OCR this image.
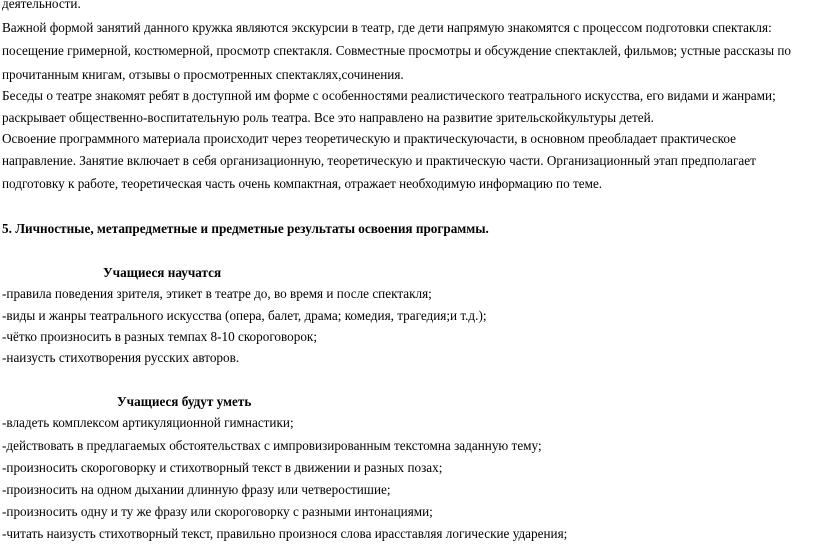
деятельности.

Важной формой занятий данного кружка являются экскурсии в театр, где дети напрямую знакомятся с процессом подготовки спектакля:

посещение гримерной, костюмерной, просмотр спектакля. Совместные просмотры и обсуждение спектаклей, фильмов; устные рассказы по

прочитанным книгам, отзывы о просмотренных спектаклях,сочинения.

Беседы о театре знакомят ребят в доступной им форме с особенностями реалистического театрального искусства, его видами и жанрами;

раскрывает общественно-воспитательную роль театра. Все это направлено на развитие зрительскойкультуры детей.

Освоение программного материала происходит через теоретическую и практическуючасти, в основном преобладает практическое

направление. Занятие включает в себя организационную, теоретическую и практическую части. Организационный этап предполагает

подготовку к работе, теоретическая часть очень компактная, отражает необходимую информацию по теме.

5. Личностные, метапредметные и предметные результаты освоения программы.

Учащиеся научатся

-правила поведения зрителя, этикет в театре до, во время и после спектакля;

-виды и жанры театрального искусства (опера, балет, драма; комедия, трагедия;и т.д.);

-чётко произносить в разных темпах 8-10 скороговорок;

-наизусть стихотворения русских авторов.

Учащиеся будут уметь

-владеть комплексом артикуляционной гимнастики;

-действовать в предлагаемых обстоятельствах с импровизированным текстомна заданную тему;

-произносить скороговорку и стихотворный текст в движении и разных позах;

-произносить на одном дыхании длинную фразу или четверостишие;

-произносить одну и ту же фразу или скороговорку с разными интонациями;

-читать наизусть стихотворный текст, правильно произнося слова ирасставляя логические ударения;
